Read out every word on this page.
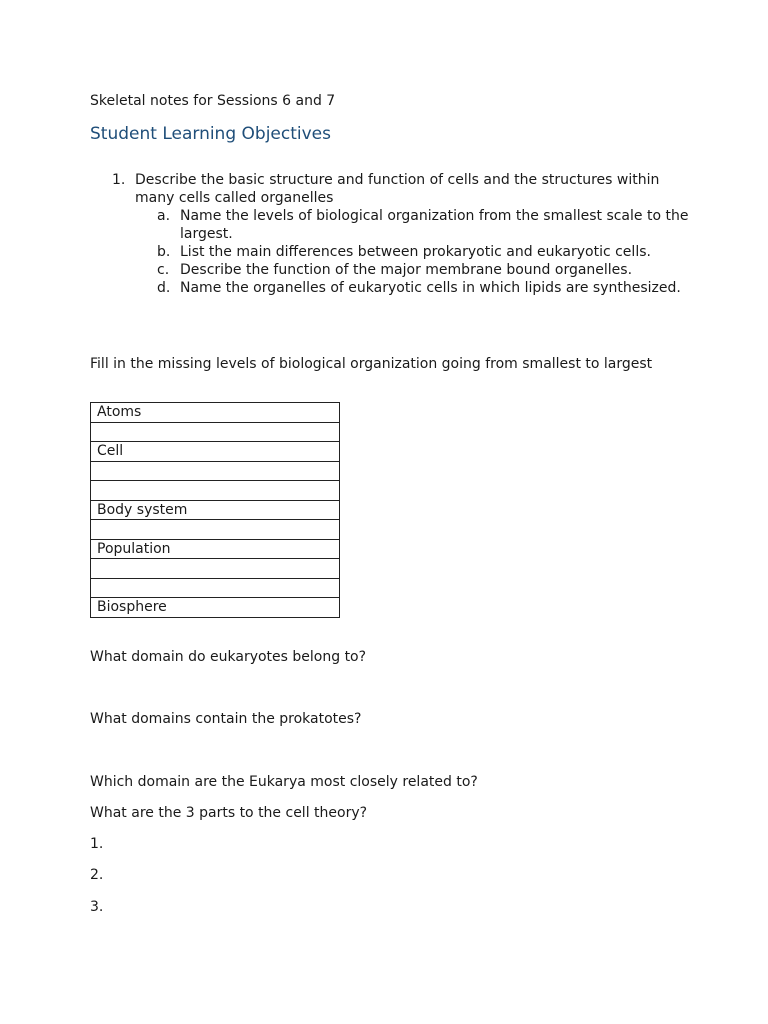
Skeletal notes for Sessions 6 and 7
Student Learning Objectives
1. Describe the basic structure and function of cells and the structures within many cells called organelles
a. Name the levels of biological organization from the smallest scale to the largest.
b. List the main differences between prokaryotic and eukaryotic cells.
c. Describe the function of the major membrane bound organelles.
d. Name the organelles of eukaryotic cells in which lipids are synthesized.
Fill in the missing levels of biological organization going from smallest to largest
Atoms

Cell

Body system

Population

Biosphere
What domain do eukaryotes belong to?
What domains contain the prokatotes?
Which domain are the Eukarya most closely related to?
What are the 3 parts to the cell theory?
1.
2.
3.
